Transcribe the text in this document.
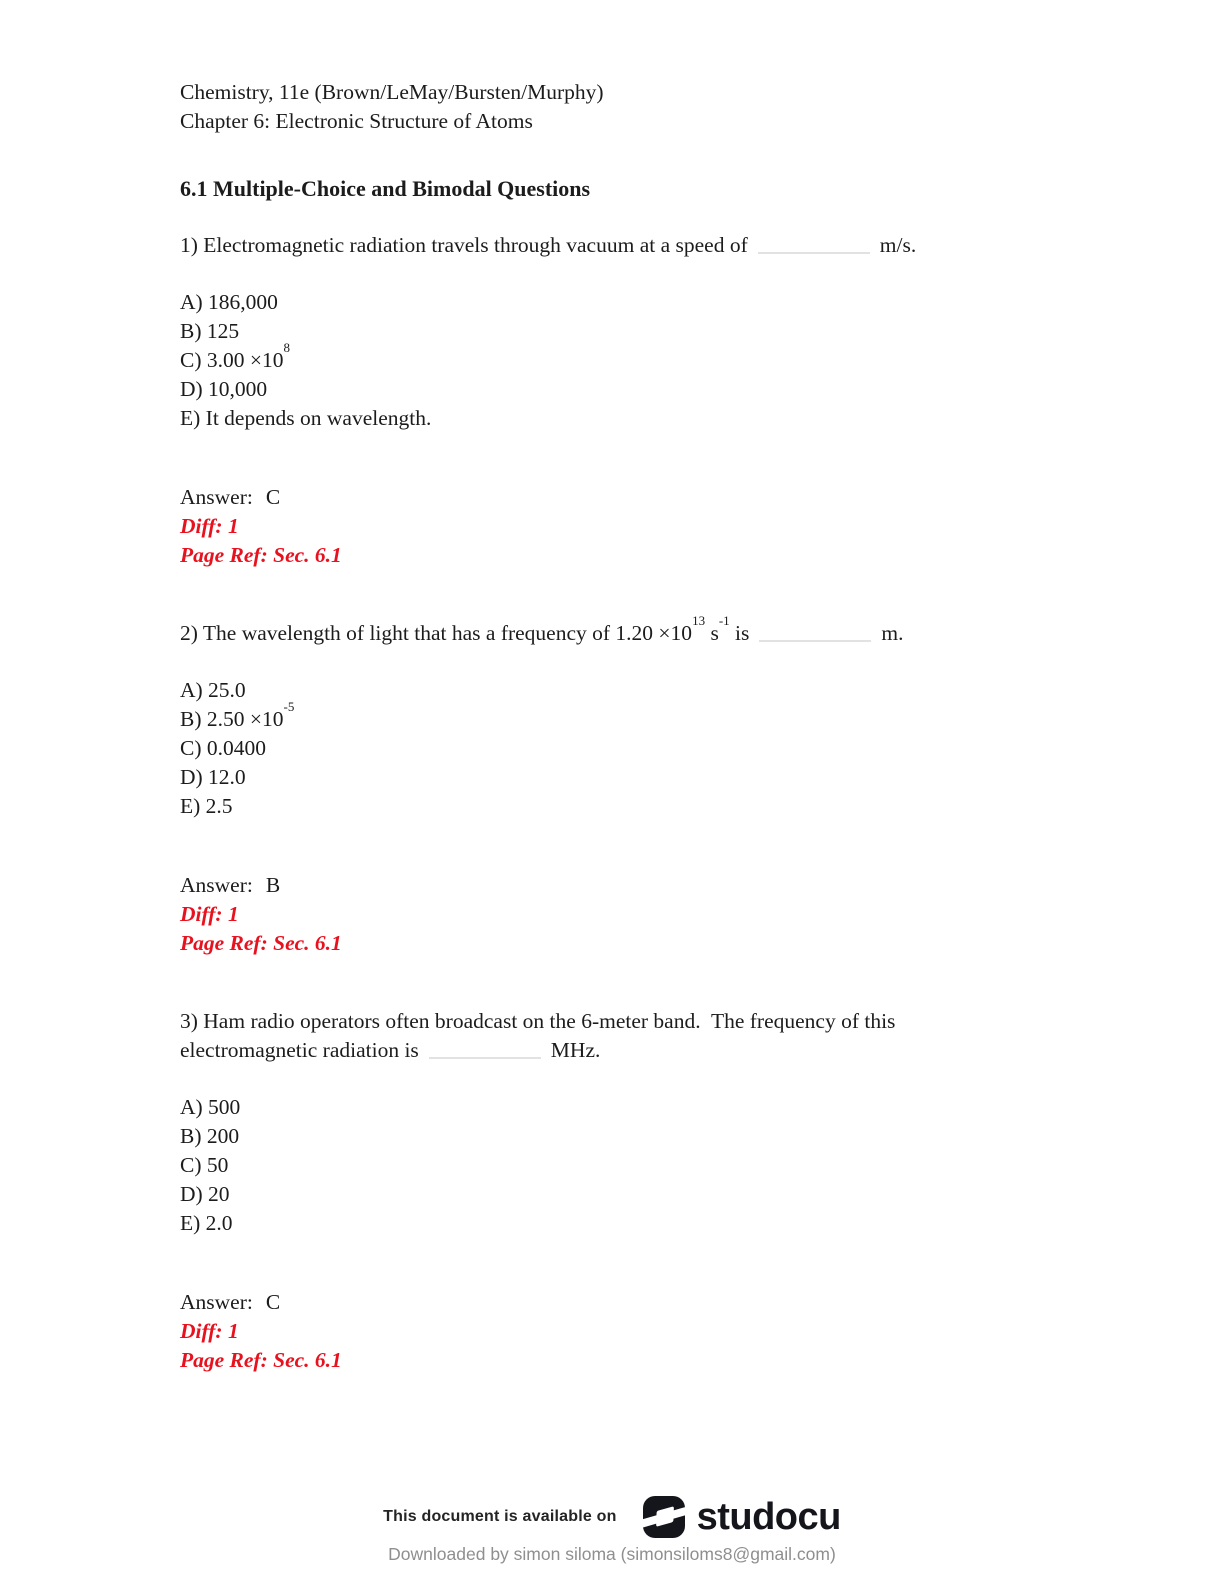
Chemistry, 11e (Brown/LeMay/Bursten/Murphy)

Chapter 6: Electronic Structure of Atoms

6.1 Multiple-Choice and Bimodal Questions

1) Electromagnetic radiation travels through vacuum at a speed of	m/s.

A) 186,000
B) 125
C) $3.00 \times 10^8$
D) 10,000
E) It depends on wavelength.

Answer: C

Diff: 1

Page Ref: Sec. 6.1

2) The wavelength of light that has a frequency of $1.20 \times 10^{13}$ $s^{-1}$ is	m.

A) 25.0
B) $2.50 \times 10^{-5}$
C) 0.0400
D) 12.0
E) 2.5

Answer: B

Diff: 1

Page Ref: Sec. 6.1

3) Ham radio operators often broadcast on the 6-meter band.  The frequency of this
electromagnetic radiation is	MHz.

A) 500
B) 200
C) 50
D) 20
E) 2.0

Answer: C

Diff: 1

Page Ref: Sec. 6.1

This document is available on studocu
Downloaded by simon siloma (simonsiloms8@gmail.com)
